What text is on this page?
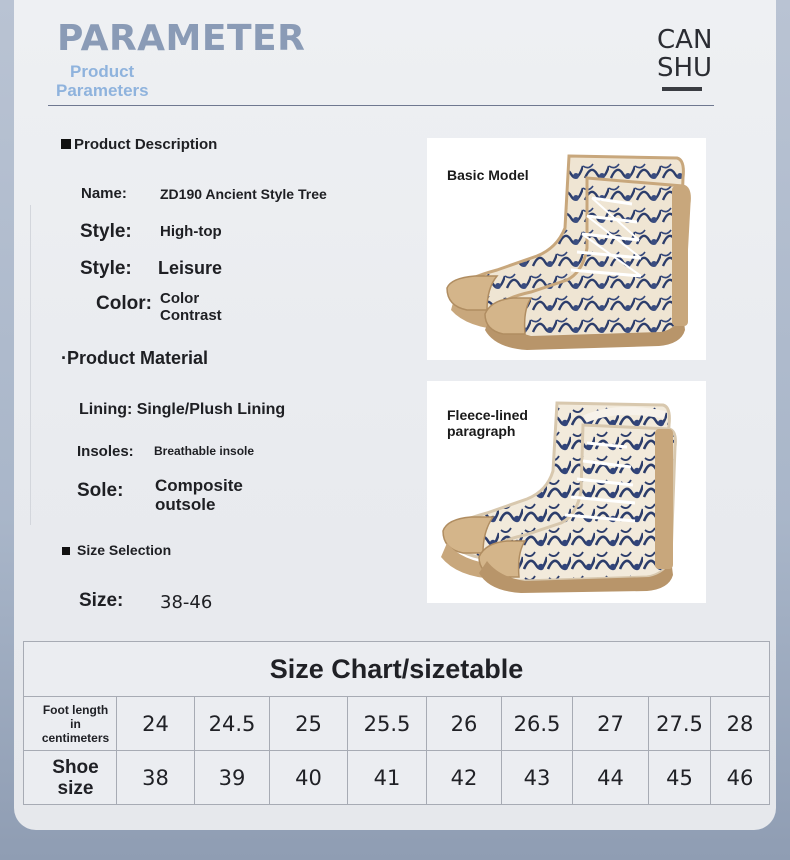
PARAMETER
Product
Parameters
CAN
SHU
Product Description
Name: ZD190 Ancient Style Tree
Style: High-top
Style: Leisure
Color: Color
Contrast
·Product Material
Lining: Single/Plush Lining
Insoles: Breathable insole
Sole: Composite
outsole
Size Selection
Size: 38-46
Basic Model
Fleece-lined
paragraph
Size Chart/sizetable									

Foot length
in
centimeters	24	24.5	25	25.5	26	26.5	27	27.5	28

Shoe
size	38	39	40	41	42	43	44	45	46
